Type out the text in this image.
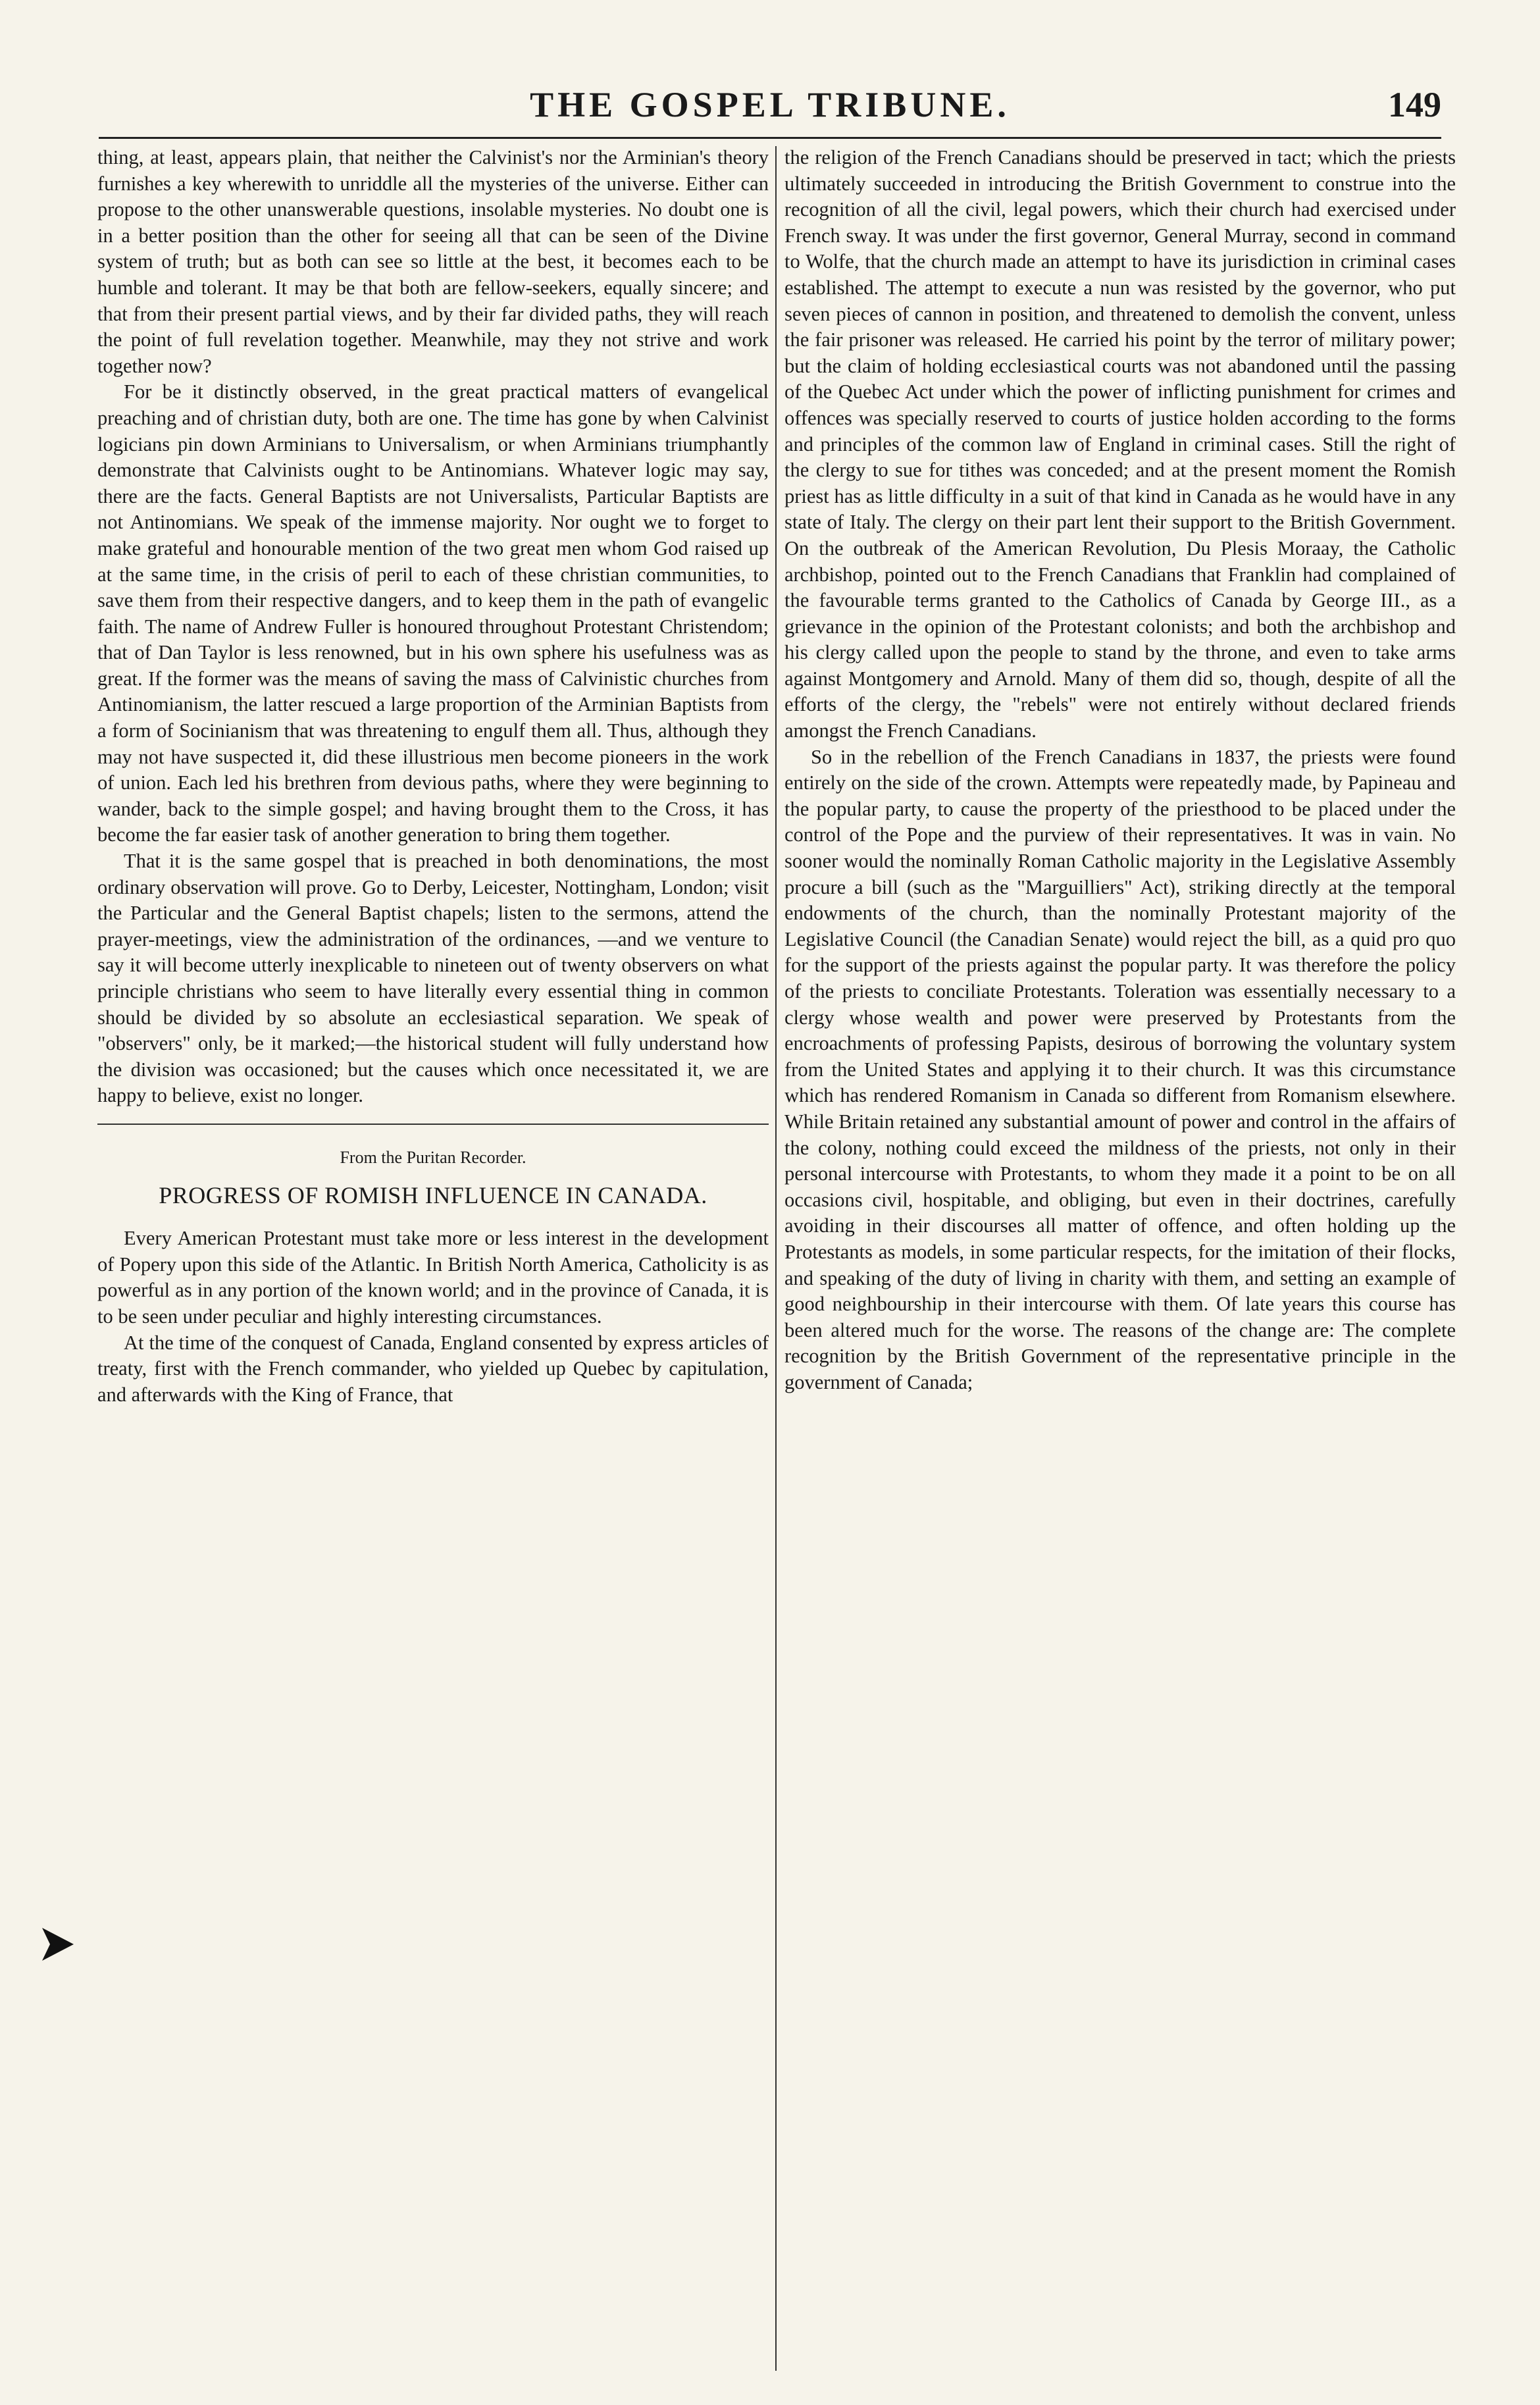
THE GOSPEL TRIBUNE.	149

thing, at least, appears plain, that neither the Calvinist's nor the Arminian's theory furnishes a key wherewith to unriddle all the mysteries of the universe. Either can propose to the other unanswerable questions, insolable mysteries. No doubt one is in a better position than the other for seeing all that can be seen of the Divine system of truth; but as both can see so little at the best, it becomes each to be humble and tolerant. It may be that both are fellow-seekers, equally sincere; and that from their present partial views, and by their far divided paths, they will reach the point of full revelation together. Meanwhile, may they not strive and work together now?

For be it distinctly observed, in the great practical matters of evangelical preaching and of christian duty, both are one. The time has gone by when Calvinist logicians pin down Arminians to Universalism, or when Arminians triumphantly demonstrate that Calvinists ought to be Antinomians. Whatever logic may say, there are the facts. General Baptists are not Universalists, Particular Baptists are not Antinomians. We speak of the immense majority. Nor ought we to forget to make grateful and honourable mention of the two great men whom God raised up at the same time, in the crisis of peril to each of these christian communities, to save them from their respective dangers, and to keep them in the path of evangelic faith. The name of Andrew Fuller is honoured throughout Protestant Christendom; that of Dan Taylor is less renowned, but in his own sphere his usefulness was as great. If the former was the means of saving the mass of Calvinistic churches from Antinomianism, the latter rescued a large proportion of the Arminian Baptists from a form of Socinianism that was threatening to engulf them all. Thus, although they may not have suspected it, did these illustrious men become pioneers in the work of union. Each led his brethren from devious paths, where they were beginning to wander, back to the simple gospel; and having brought them to the Cross, it has become the far easier task of another generation to bring them together.

That it is the same gospel that is preached in both denominations, the most ordinary observation will prove. Go to Derby, Leicester, Nottingham, London; visit the Particular and the General Baptist chapels; listen to the sermons, attend the prayer-meetings, view the administration of the ordinances, —and we venture to say it will become utterly inexplicable to nineteen out of twenty observers on what principle christians who seem to have literally every essential thing in common should be divided by so absolute an ecclesiastical separation. We speak of "observers" only, be it marked;—the historical student will fully understand how the division was occasioned; but the causes which once necessitated it, we are happy to believe, exist no longer.

From the Puritan Recorder.
PROGRESS OF ROMISH INFLUENCE IN CANADA.

Every American Protestant must take more or less interest in the development of Popery upon this side of the Atlantic. In British North America, Catholicity is as powerful as in any portion of the known world; and in the province of Canada, it is to be seen under peculiar and highly interesting circumstances.

At the time of the conquest of Canada, England consented by express articles of treaty, first with the French commander, who yielded up Quebec by capitulation, and afterwards with the King of France, that

the religion of the French Canadians should be preserved in tact; which the priests ultimately succeeded in introducing the British Government to construe into the recognition of all the civil, legal powers, which their church had exercised under French sway. It was under the first governor, General Murray, second in command to Wolfe, that the church made an attempt to have its jurisdiction in criminal cases established. The attempt to execute a nun was resisted by the governor, who put seven pieces of cannon in position, and threatened to demolish the convent, unless the fair prisoner was released. He carried his point by the terror of military power; but the claim of holding ecclesiastical courts was not abandoned until the passing of the Quebec Act under which the power of inflicting punishment for crimes and offences was specially reserved to courts of justice holden according to the forms and principles of the common law of England in criminal cases. Still the right of the clergy to sue for tithes was conceded; and at the present moment the Romish priest has as little difficulty in a suit of that kind in Canada as he would have in any state of Italy. The clergy on their part lent their support to the British Government. On the outbreak of the American Revolution, Du Plesis Moraay, the Catholic archbishop, pointed out to the French Canadians that Franklin had complained of the favourable terms granted to the Catholics of Canada by George III., as a grievance in the opinion of the Protestant colonists; and both the archbishop and his clergy called upon the people to stand by the throne, and even to take arms against Montgomery and Arnold. Many of them did so, though, despite of all the efforts of the clergy, the "rebels" were not entirely without declared friends amongst the French Canadians.

So in the rebellion of the French Canadians in 1837, the priests were found entirely on the side of the crown. Attempts were repeatedly made, by Papineau and the popular party, to cause the property of the priesthood to be placed under the control of the Pope and the purview of their representatives. It was in vain. No sooner would the nominally Roman Catholic majority in the Legislative Assembly procure a bill (such as the "Marguilliers" Act), striking directly at the temporal endowments of the church, than the nominally Protestant majority of the Legislative Council (the Canadian Senate) would reject the bill, as a quid pro quo for the support of the priests against the popular party. It was therefore the policy of the priests to conciliate Protestants. Toleration was essentially necessary to a clergy whose wealth and power were preserved by Protestants from the encroachments of professing Papists, desirous of borrowing the voluntary system from the United States and applying it to their church. It was this circumstance which has rendered Romanism in Canada so different from Romanism elsewhere. While Britain retained any substantial amount of power and control in the affairs of the colony, nothing could exceed the mildness of the priests, not only in their personal intercourse with Protestants, to whom they made it a point to be on all occasions civil, hospitable, and obliging, but even in their doctrines, carefully avoiding in their discourses all matter of offence, and often holding up the Protestants as models, in some particular respects, for the imitation of their flocks, and speaking of the duty of living in charity with them, and setting an example of good neighbourship in their intercourse with them. Of late years this course has been altered much for the worse. The reasons of the change are: The complete recognition by the British Government of the representative principle in the government of Canada;
